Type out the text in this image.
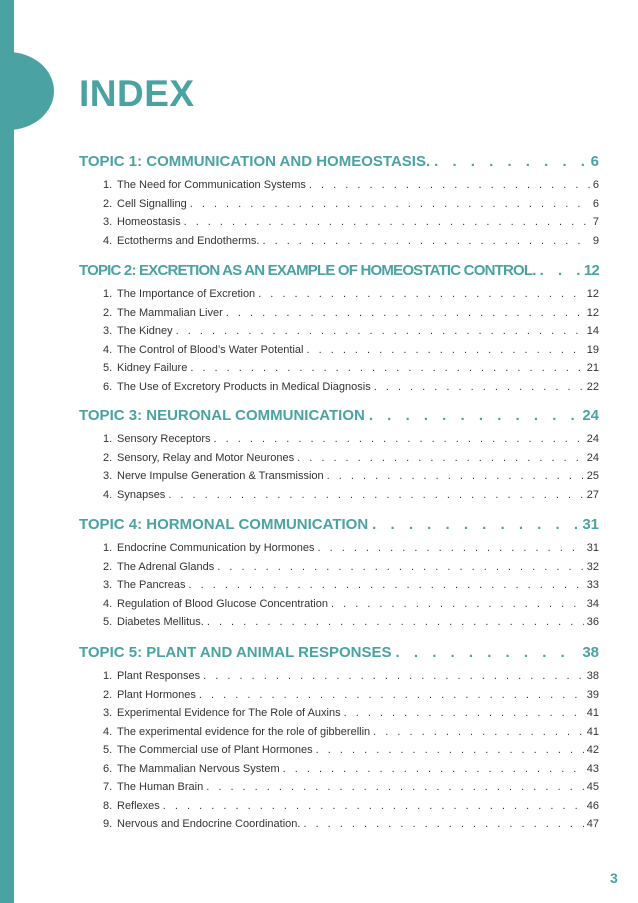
INDEX
TOPIC 1: COMMUNICATION AND HOMEOSTASIS. . . .	6
1. The Need for Communication Systems . . .	6
2. Cell Signalling . . .	6
3. Homeostasis . . .	7
4. Ectotherms and Endotherms. . . .	9
TOPIC 2: EXCRETION AS AN EXAMPLE OF HOMEOSTATIC CONTROL. . . .	12
1. The Importance of Excretion . . .	12
2. The Mammalian Liver . . .	12
3. The Kidney . . .	14
4. The Control of Blood’s Water Potential . . .	19
5. Kidney Failure . . .	21
6. The Use of Excretory Products in Medical Diagnosis . . .	22
TOPIC 3: NEURONAL COMMUNICATION . . .	24
1. Sensory Receptors . . .	24
2. Sensory, Relay and Motor Neurones . . .	24
3. Nerve Impulse Generation & Transmission . . .	25
4. Synapses . . .	27
TOPIC 4: HORMONAL COMMUNICATION . . .	31
1. Endocrine Communication by Hormones . . .	31
2. The Adrenal Glands . . .	32
3. The Pancreas . . .	33
4. Regulation of Blood Glucose Concentration . . .	34
5. Diabetes Mellitus. . . .	36
TOPIC 5: PLANT AND ANIMAL RESPONSES . . .	38
1. Plant Responses . . .	38
2. Plant Hormones . . .	39
3. Experimental Evidence for The Role of Auxins . . .	41
4. The experimental evidence for the role of gibberellin . . .	41
5. The Commercial use of Plant Hormones . . .	42
6. The Mammalian Nervous System . . .	43
7. The Human Brain . . .	45
8. Reflexes . . .	46
9. Nervous and Endocrine Coordination. . . .	47
3
